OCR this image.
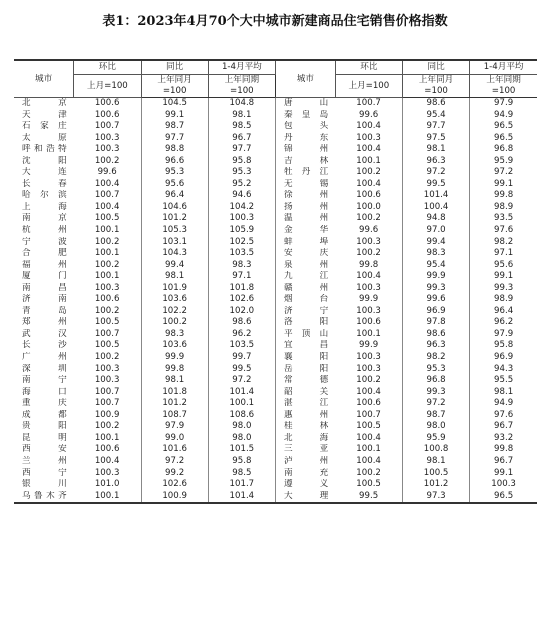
表1：2023年4月70个大中城市新建商品住宅销售价格指数
城市	环比	同比	1-4月平均	城市	环比	同比	1-4月平均
	上月=100	上年同月	上年同期		上月=100	上年同月	上年同期
		=100	=100			=100	=100
北京	100.6	104.5	104.8	唐山	100.7	98.6	97.9
天津	100.6	99.1	98.1	秦皇岛	99.6	95.4	94.9
石家庄	100.7	98.7	98.5	包头	100.4	97.7	96.5
太原	100.3	97.7	96.7	丹东	100.3	97.5	96.5
呼和浩特	100.3	98.8	97.7	锦州	100.4	98.1	96.8
沈阳	100.2	96.6	95.8	吉林	100.1	96.3	95.9
大连	99.6	95.3	95.3	牡丹江	100.2	97.2	97.2
长春	100.4	95.6	95.2	无锡	100.4	99.5	99.1
哈尔滨	100.7	96.4	94.6	徐州	100.6	101.4	99.8
上海	100.4	104.6	104.2	扬州	100.0	100.4	98.9
南京	100.5	101.2	100.3	温州	100.2	94.8	93.5
杭州	100.1	105.3	105.9	金华	99.6	97.0	97.6
宁波	100.2	103.1	102.5	蚌埠	100.3	99.4	98.2
合肥	100.1	104.3	103.5	安庆	100.2	98.3	97.1
福州	100.2	99.4	98.3	泉州	99.8	95.4	95.6
厦门	100.1	98.1	97.1	九江	100.4	99.9	99.1
南昌	100.3	101.9	101.8	赣州	100.3	99.3	99.3
济南	100.6	103.6	102.6	烟台	99.9	99.6	98.9
青岛	100.2	102.2	102.0	济宁	100.3	96.9	96.4
郑州	100.5	100.2	98.6	洛阳	100.6	97.8	96.2
武汉	100.7	98.3	96.2	平顶山	100.1	98.6	97.9
长沙	100.5	103.6	103.5	宜昌	99.9	96.3	95.8
广州	100.2	99.9	99.7	襄阳	100.3	98.2	96.9
深圳	100.3	99.8	99.5	岳阳	100.3	95.3	94.3
南宁	100.3	98.1	97.2	常德	100.2	96.8	95.5
海口	100.7	101.8	101.4	韶关	100.4	99.3	98.1
重庆	100.7	101.2	100.1	湛江	100.6	97.2	94.9
成都	100.9	108.7	108.6	惠州	100.7	98.7	97.6
贵阳	100.2	97.9	98.0	桂林	100.5	98.0	96.7
昆明	100.1	99.0	98.0	北海	100.4	95.9	93.2
西安	100.6	101.6	101.5	三亚	100.1	100.8	99.8
兰州	100.4	97.2	95.8	泸州	100.4	98.1	96.7
西宁	100.3	99.2	98.5	南充	100.2	100.5	99.1
银川	101.0	102.6	101.7	遵义	100.5	101.2	100.3
乌鲁木齐	100.1	100.9	101.4	大理	99.5	97.3	96.5
